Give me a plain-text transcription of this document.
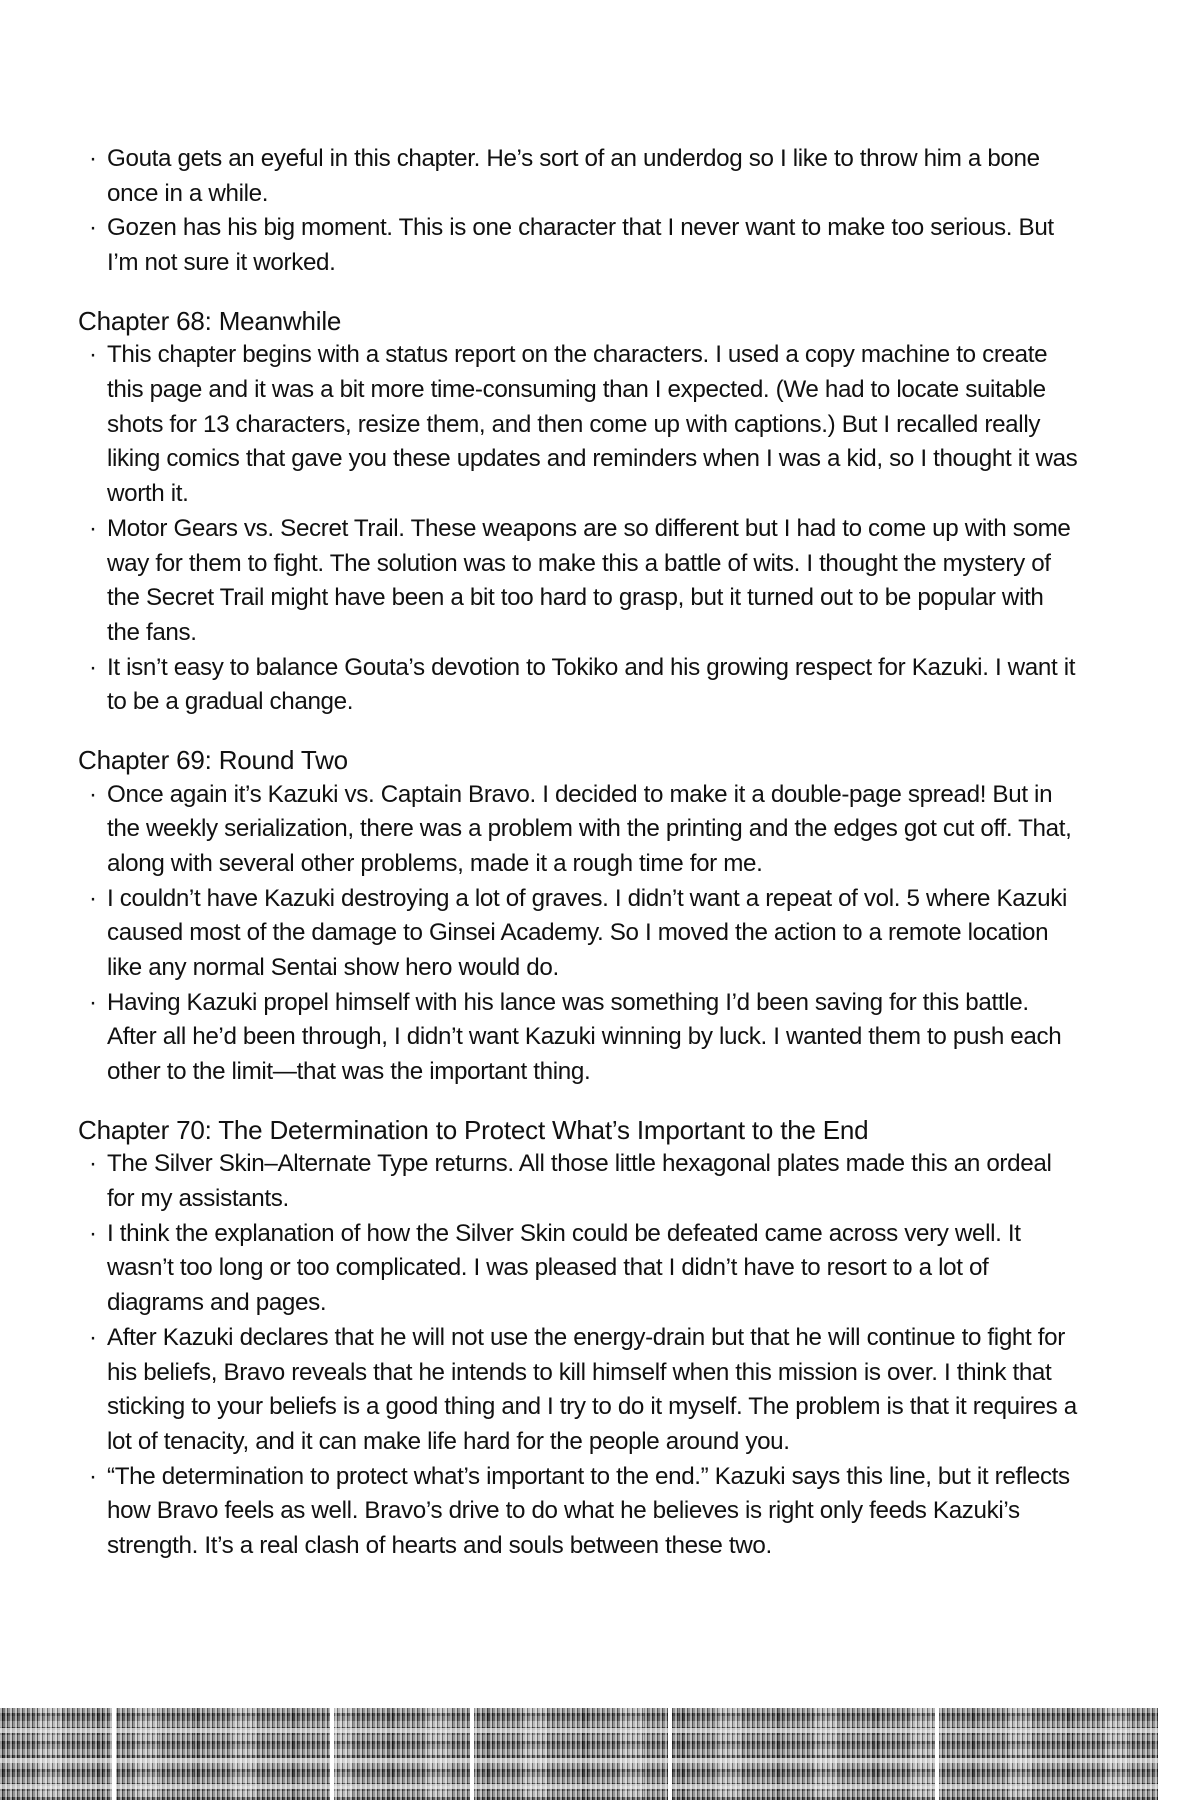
· Gouta gets an eyeful in this chapter. He’s sort of an underdog so I like to throw him a bone once in a while.
· Gozen has his big moment. This is one character that I never want to make too serious. But I’m not sure it worked.
Chapter 68: Meanwhile
· This chapter begins with a status report on the characters. I used a copy machine to create this page and it was a bit more time-consuming than I expected. (We had to locate suitable shots for 13 characters, resize them, and then come up with captions.) But I recalled really liking comics that gave you these updates and reminders when I was a kid, so I thought it was worth it.
· Motor Gears vs. Secret Trail. These weapons are so different but I had to come up with some way for them to fight. The solution was to make this a battle of wits. I thought the mystery of the Secret Trail might have been a bit too hard to grasp, but it turned out to be popular with the fans.
· It isn’t easy to balance Gouta’s devotion to Tokiko and his growing respect for Kazuki. I want it to be a gradual change.
Chapter 69: Round Two
· Once again it’s Kazuki vs. Captain Bravo. I decided to make it a double-page spread! But in the weekly serialization, there was a problem with the printing and the edges got cut off. That, along with several other problems, made it a rough time for me.
· I couldn’t have Kazuki destroying a lot of graves. I didn’t want a repeat of vol. 5 where Kazuki caused most of the damage to Ginsei Academy. So I moved the action to a remote location like any normal Sentai show hero would do.
· Having Kazuki propel himself with his lance was something I’d been saving for this battle. After all he’d been through, I didn’t want Kazuki winning by luck. I wanted them to push each other to the limit—that was the important thing.
Chapter 70: The Determination to Protect What’s Important to the End
· The Silver Skin–Alternate Type returns. All those little hexagonal plates made this an ordeal for my assistants.
· I think the explanation of how the Silver Skin could be defeated came across very well. It wasn’t too long or too complicated. I was pleased that I didn’t have to resort to a lot of diagrams and pages.
· After Kazuki declares that he will not use the energy-drain but that he will continue to fight for his beliefs, Bravo reveals that he intends to kill himself when this mission is over. I think that sticking to your beliefs is a good thing and I try to do it myself. The problem is that it requires a lot of tenacity, and it can make life hard for the people around you.
· “The determination to protect what’s important to the end.” Kazuki says this line, but it reflects how Bravo feels as well. Bravo’s drive to do what he believes is right only feeds Kazuki’s strength. It’s a real clash of hearts and souls between these two.
